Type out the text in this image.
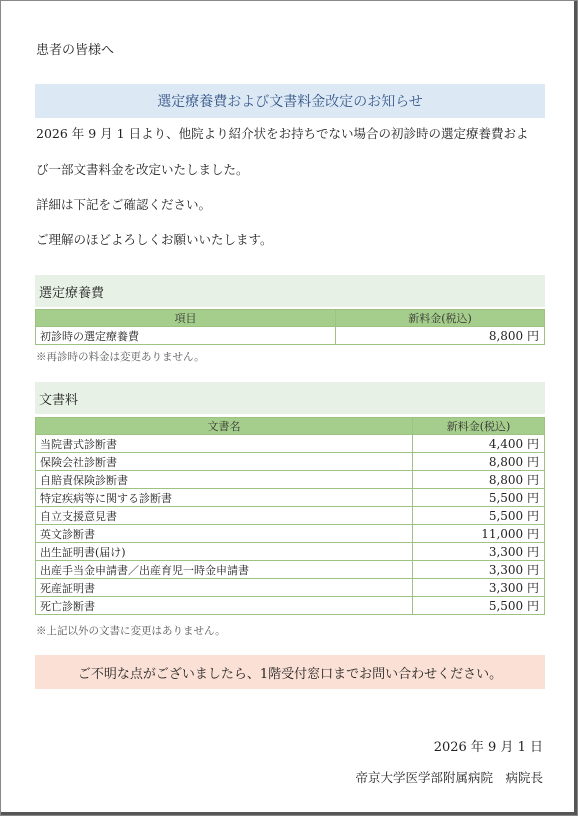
患者の皆様へ
選定療養費 および 文書料金 改定のお知らせ
2026 年 9 月 1 日より、他院より紹介状をお持ちでない場合の初診時の選定療養費およ
び一部文書料金を改定いたしました。
詳細は下記をご確認ください。
ご理解のほどよろしくお願いいたします。
選定療養費
項目	新料金(税込)
初診時の選定療養費	8,800 円
※再診時の料金は変更ありません。
文書料
文書名	新料金(税込)
当院書式診断書	4,400 円
保険会社診断書	8,800 円
自賠責保険診断書	8,800 円
特定疾病等に関する診断書	5,500 円
自立支援意見書	5,500 円
英文診断書	11,000 円
出生証明書(届け)	3,300 円
出産手当金申請書／出産育児一時金申請書	3,300 円
死産証明書	3,300 円
死亡診断書	5,500 円
※上記以外の文書に変更はありません。
ご不明な点がございましたら、1階受付窓口までお問い合わせください。
2026 年 9 月 1 日
帝京大学医学部附属病院　病院長
